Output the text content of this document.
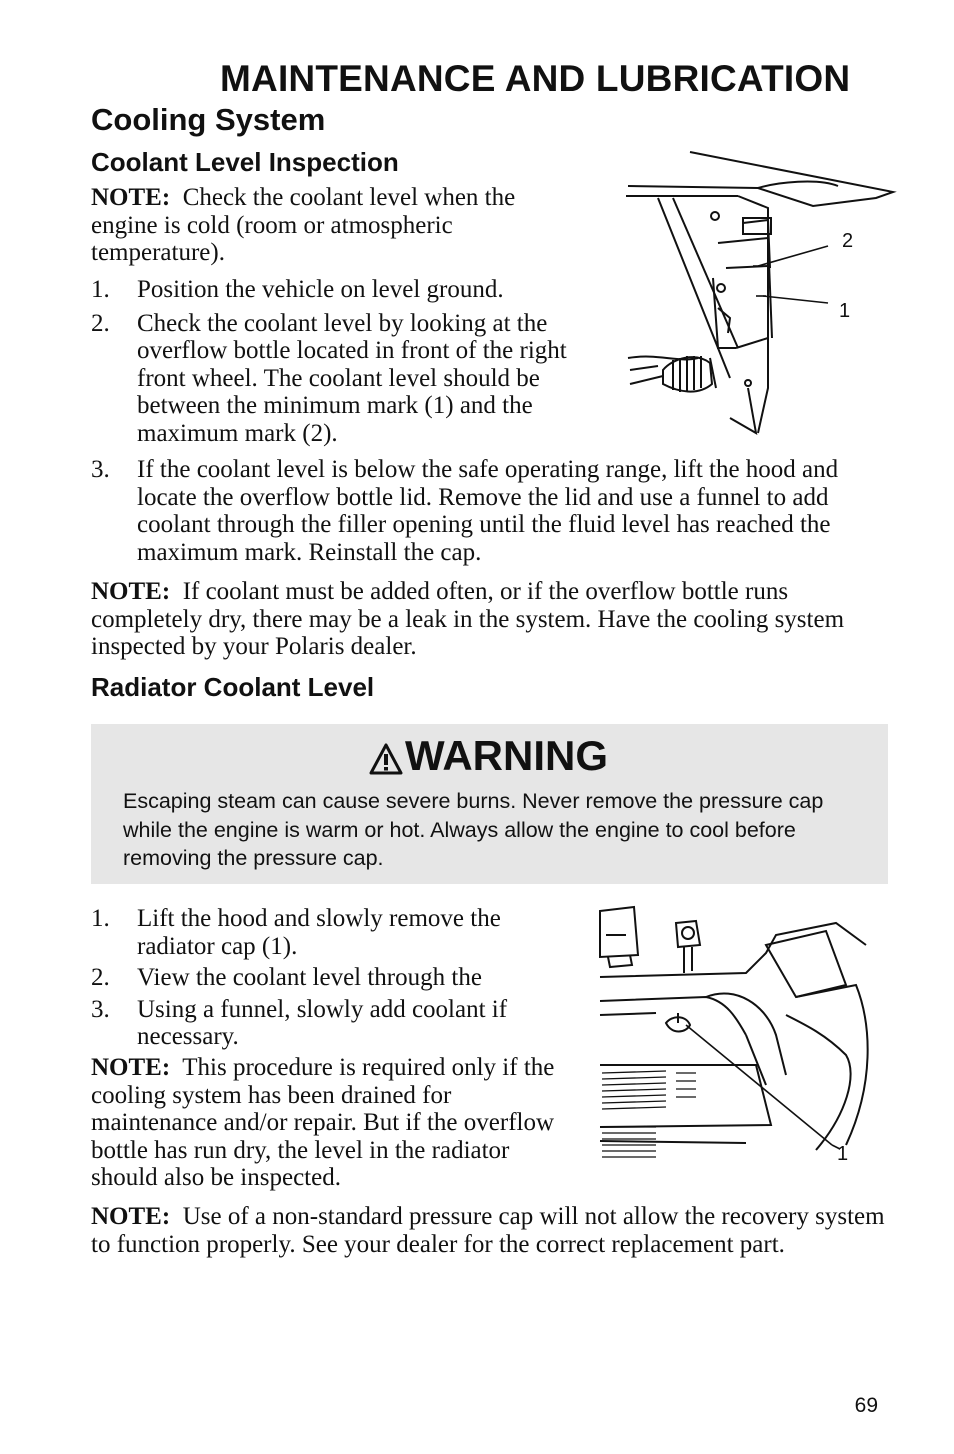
MAINTENANCE AND LUBRICATION
Cooling System
Coolant Level Inspection
NOTE: Check the coolant level when the engine is cold (room or atmospheric temperature).
1. Position the vehicle on level ground.
2. Check the coolant level by looking at the overflow bottle located in front of the right front wheel. The coolant level should be between the minimum mark (1) and the maximum mark (2).
2
1
3. If the coolant level is below the safe operating range, lift the hood and locate the overflow bottle lid. Remove the lid and use a funnel to add coolant through the filler opening until the fluid level has reached the maximum mark. Reinstall the cap.
NOTE: If coolant must be added often, or if the overflow bottle runs completely dry, there may be a leak in the system. Have the cooling system inspected by your Polaris dealer.
Radiator Coolant Level
WARNING
Escaping steam can cause severe burns. Never remove the pressure cap while the engine is warm or hot. Always allow the engine to cool before removing the pressure cap.
1. Lift the hood and slowly remove the radiator cap (1).
2. View the coolant level through the
3. Using a funnel, slowly add coolant if necessary.
NOTE: This procedure is required only if the cooling system has been drained for maintenance and/or repair. But if the overflow bottle has run dry, the level in the radiator should also be inspected.
1
NOTE: Use of a non-standard pressure cap will not allow the recovery system to function properly. See your dealer for the correct replacement part.
69
